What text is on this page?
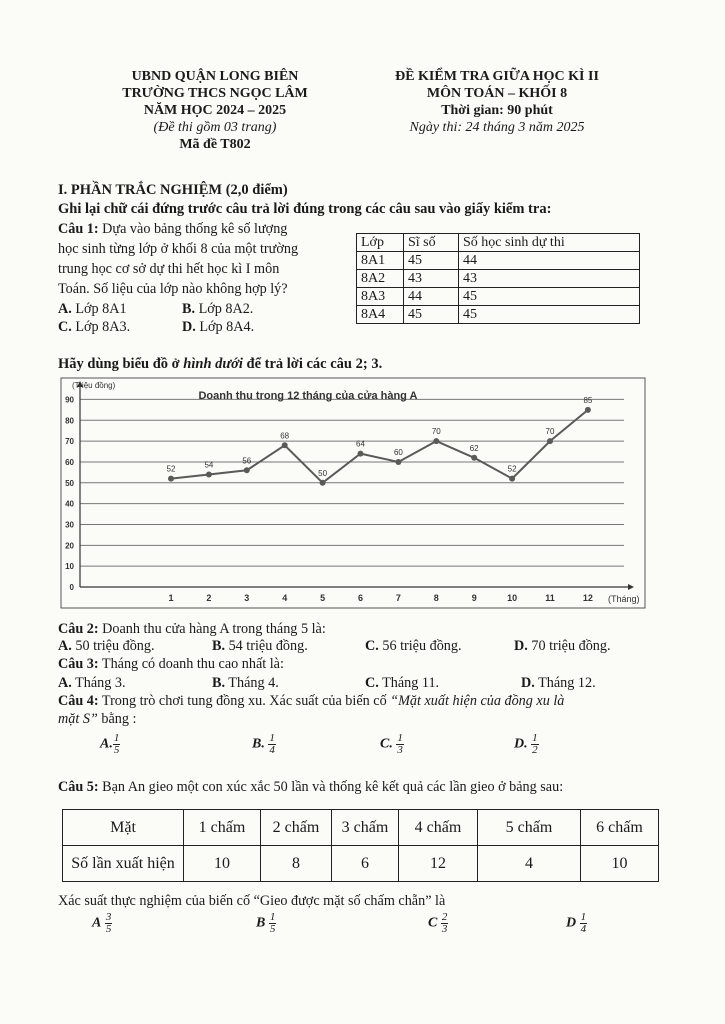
UBND QUẬN LONG BIÊN
TRƯỜNG THCS NGỌC LÂM
NĂM HỌC 2024 – 2025
(Đề thi gồm 03 trang)
Mã đề T802
ĐỀ KIỂM TRA GIỮA HỌC KÌ II
MÔN TOÁN – KHỐI 8
Thời gian: 90 phút
Ngày thi: 24 tháng 3 năm 2025
I. PHẦN TRẮC NGHIỆM (2,0 điểm)
Ghi lại chữ cái đứng trước câu trả lời đúng trong các câu sau vào giấy kiểm tra:
Câu 1: Dựa vào bảng thống kê số lượng
học sinh từng lớp ở khối 8 của một trường
trung học cơ sở dự thi hết học kì I môn
Toán. Số liệu của lớp nào không hợp lý?
A. Lớp 8A1	B. Lớp 8A2.
C. Lớp 8A3.	D. Lớp 8A4.
Lớp	Sĩ số	Số học sinh dự thi
8A1	45	44
8A2	43	43
8A3	44	45
8A4	45	45
Hãy dùng biểu đồ ở hình dưới để trả lời các câu 2; 3.
0
10
20
30
40
50
60
70
80
90
1	2	3	4	5	6	7	8	9	10	11	12
52	54	56
68
50
64
60
70
62
52
70
85
Doanh thu trong 12 tháng của cửa hàng A
(Triệu đồng)
(Tháng)
Câu 2: Doanh thu cửa hàng A trong tháng 5 là:
A. 50 triệu đồng.	B. 54 triệu đồng.	C. 56 triệu đồng.	D. 70 triệu đồng.
Câu 3: Tháng có doanh thu cao nhất là:
A. Tháng 3.	B. Tháng 4.	C. Tháng 11.	D. Tháng 12.
Câu 4: Trong trò chơi tung đồng xu. Xác suất của biến cố “Mặt xuất hiện của đồng xu là
mặt S” bằng :
A. $\frac{1}{5}$	B. $\frac{1}{4}$	C. $\frac{1}{3}$	D. $\frac{1}{2}$
Câu 5: Bạn An gieo một con xúc xắc 50 lần và thống kê kết quả các lần gieo ở bảng sau:
Mặt	1 chấm	2 chấm	3 chấm	4 chấm	5 chấm	6 chấm
Số lần xuất hiện	10	8	6	12	4	10
Xác suất thực nghiệm của biến cố “Gieo được mặt số chấm chẵn” là
A $\frac{3}{5}$	B $\frac{1}{5}$	C $\frac{2}{3}$	D $\frac{1}{4}$
